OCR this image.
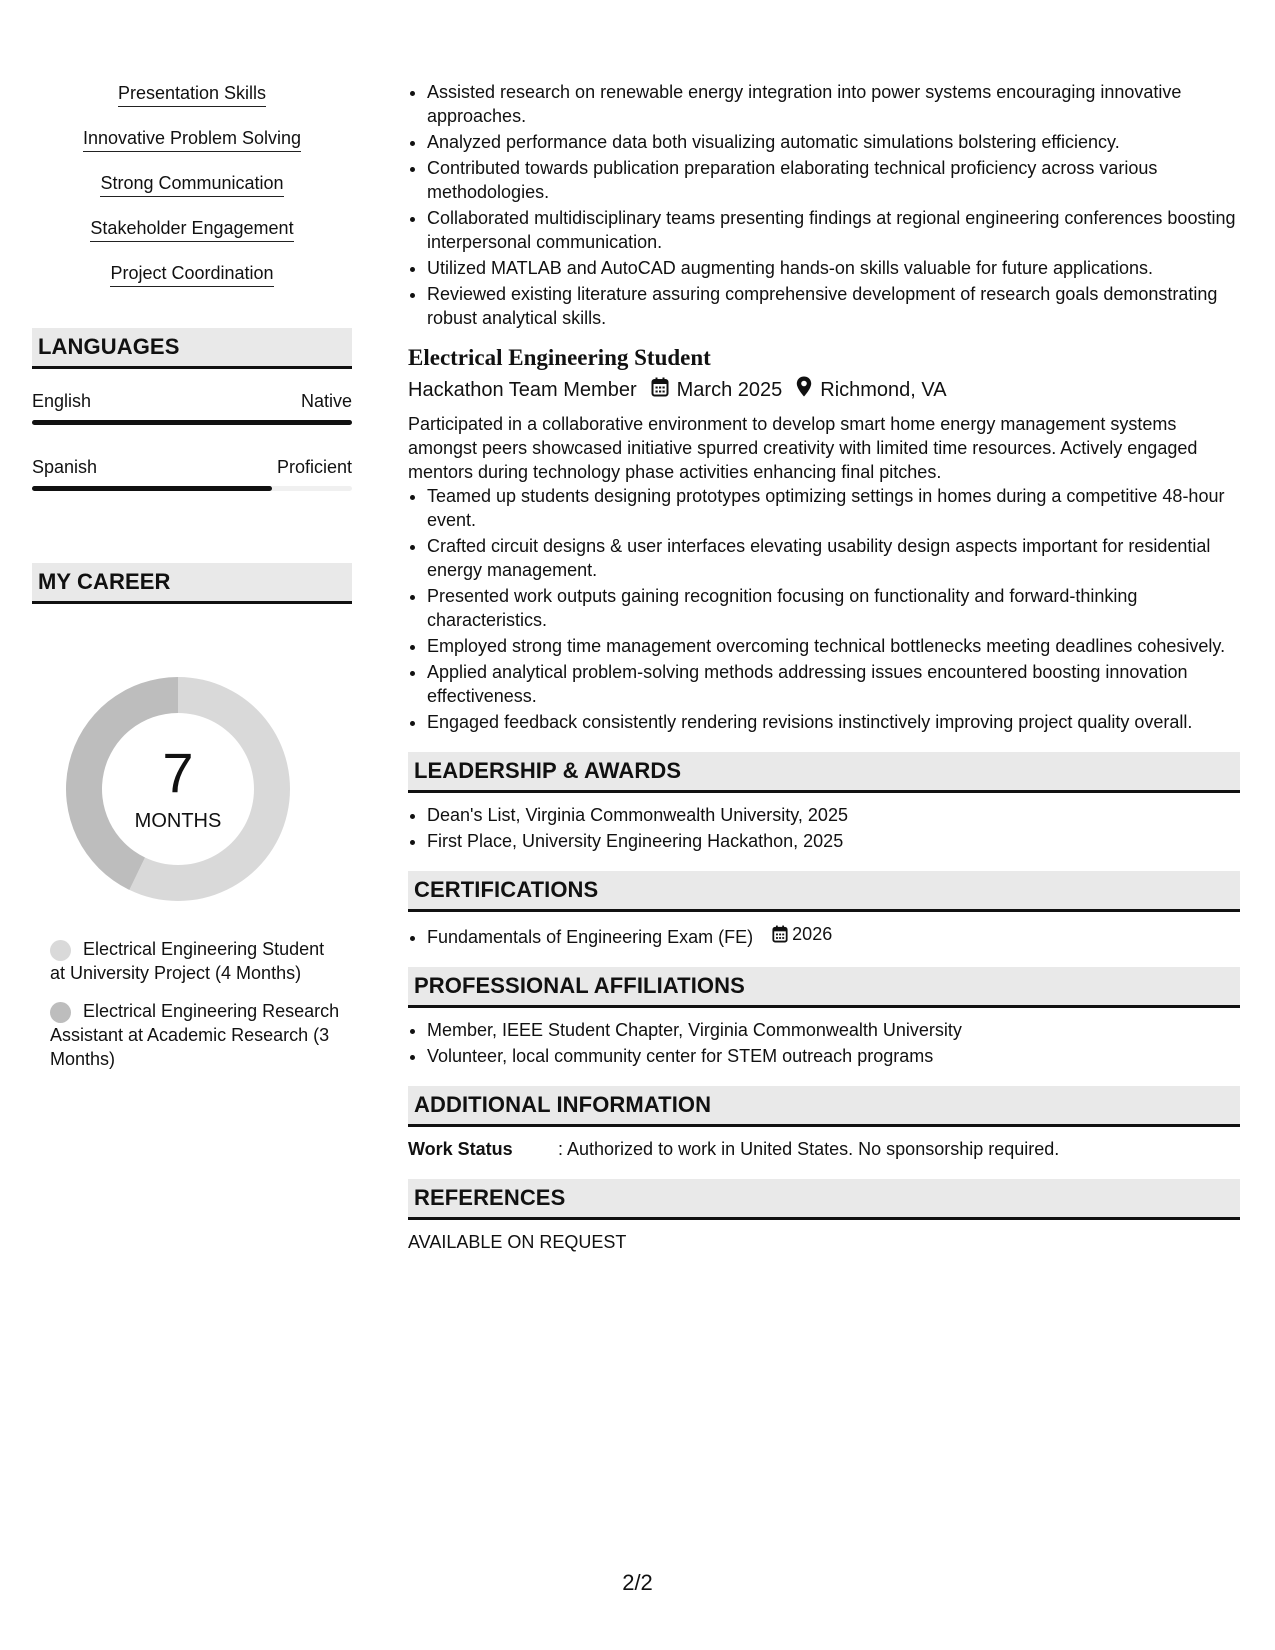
Presentation Skills
Innovative Problem Solving
Strong Communication
Stakeholder Engagement
Project Coordination
LANGUAGES
English	Native
Spanish	Proficient
MY CAREER
7
MONTHS
Electrical Engineering Student at University Project (4 Months)
Electrical Engineering Research Assistant at Academic Research (3 Months)
• Assisted research on renewable energy integration into power systems encouraging innovative approaches.
• Analyzed performance data both visualizing automatic simulations bolstering efficiency.
• Contributed towards publication preparation elaborating technical proficiency across various methodologies.
• Collaborated multidisciplinary teams presenting findings at regional engineering conferences boosting interpersonal communication.
• Utilized MATLAB and AutoCAD augmenting hands-on skills valuable for future applications.
• Reviewed existing literature assuring comprehensive development of research goals demonstrating robust analytical skills.
Electrical Engineering Student
Hackathon Team Member March 2025 Richmond, VA
Participated in a collaborative environment to develop smart home energy management systems amongst peers showcased initiative spurred creativity with limited time resources. Actively engaged mentors during technology phase activities enhancing final pitches.
• Teamed up students designing prototypes optimizing settings in homes during a competitive 48-hour event.
• Crafted circuit designs & user interfaces elevating usability design aspects important for residential energy management.
• Presented work outputs gaining recognition focusing on functionality and forward-thinking characteristics.
• Employed strong time management overcoming technical bottlenecks meeting deadlines cohesively.
• Applied analytical problem-solving methods addressing issues encountered boosting innovation effectiveness.
• Engaged feedback consistently rendering revisions instinctively improving project quality overall.
LEADERSHIP & AWARDS
• Dean's List, Virginia Commonwealth University, 2025
• First Place, University Engineering Hackathon, 2025
CERTIFICATIONS
• Fundamentals of Engineering Exam (FE) 2026
PROFESSIONAL AFFILIATIONS
• Member, IEEE Student Chapter, Virginia Commonwealth University
• Volunteer, local community center for STEM outreach programs
ADDITIONAL INFORMATION
Work Status	: Authorized to work in United States. No sponsorship required.
REFERENCES
AVAILABLE ON REQUEST
2/2
